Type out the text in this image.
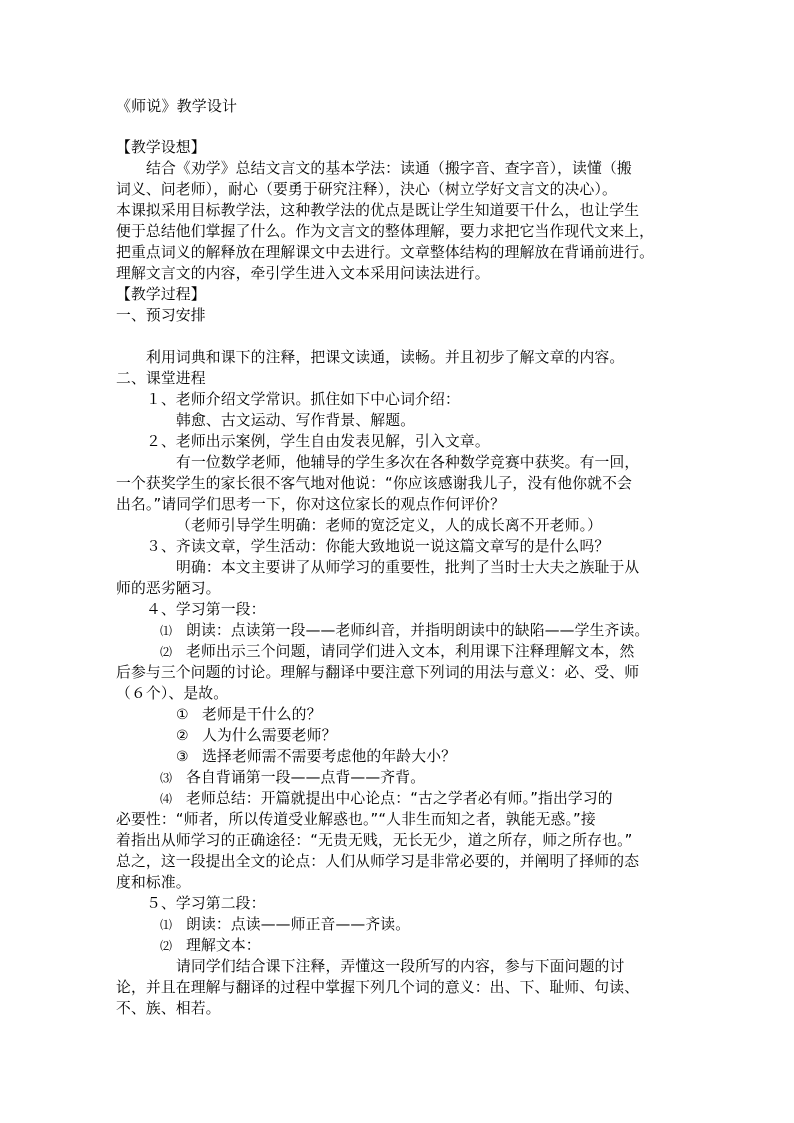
《师说》教学设计

【教学设想】

结合《劝学》总结文言文的基本学法：读通（搬字音、查字音），读懂（搬

词义、问老师），耐心（要勇于研究注释），決心（树立学好文言文的决心）。

本课拟采用目标教学法，这种教学法的优点是既让学生知道要干什么，也让学生

便于总结他们掌握了什么。作为文言文的整体理解，要力求把它当作现代文来上，

把重点词义的解释放在理解课文中去进行。文章整体结构的理解放在背诵前进行。

理解文言文的内容，牵引学生进入文本采用问读法进行。

【教学过程】

一、预习安排

利用词典和课下的注释，把课文读通，读畅。并且初步了解文章的内容。

二、课堂进程

１、老师介绍文学常识。抓住如下中心词介绍：

韩愈、古文运动、写作背景、解题。

２、老师出示案例，学生自由发表见解，引入文章。

有一位数学老师，他辅导的学生多次在各种数学竞赛中获奖。有一回，

一个获奖学生的家长很不客气地对他说：“你应该感谢我儿子，没有他你就不会

出名。”请同学们思考一下，你对这位家长的观点作何评价？

（老师引导学生明确：老师的宽泛定义，人的成长离不开老师。）

３、齐读文章，学生活动：你能大致地说一说这篇文章写的是什么吗？

明确：本文主要讲了从师学习的重要性，批判了当时士大夫之族耻于从

师的恶劣陋习。

４、学习第一段：

⑴ 朗读：点读第一段——老师纠音，并指明朗读中的缺陷——学生齐读。

⑵ 老师出示三个问题，请同学们进入文本，利用课下注释理解文本，然

后参与三个问题的讨论。理解与翻译中要注意下列词的用法与意义：必、受、师

（６个）、是故。

① 老师是干什么的？

② 人为什么需要老师？

③ 选择老师需不需要考虑他的年龄大小？

⑶ 各自背诵第一段——点背——齐背。

⑷ 老师总结：开篇就提出中心论点：“古之学者必有师。”指出学习的

必要性：“师者，所以传道受业解惑也。”“人非生而知之者，孰能无惑。”接

着指出从师学习的正确途径：“无贵无贱，无长无少，道之所存，师之所存也。”

总之，这一段提出全文的论点：人们从师学习是非常必要的，并阐明了择师的态

度和标准。

５、学习第二段：

⑴ 朗读：点读——师正音——齐读。

⑵ 理解文本：

请同学们结合课下注释，弄懂这一段所写的内容，参与下面问题的讨

论，并且在理解与翻译的过程中掌握下列几个词的意义：出、下、耻师、句读、

不、族、相若。
